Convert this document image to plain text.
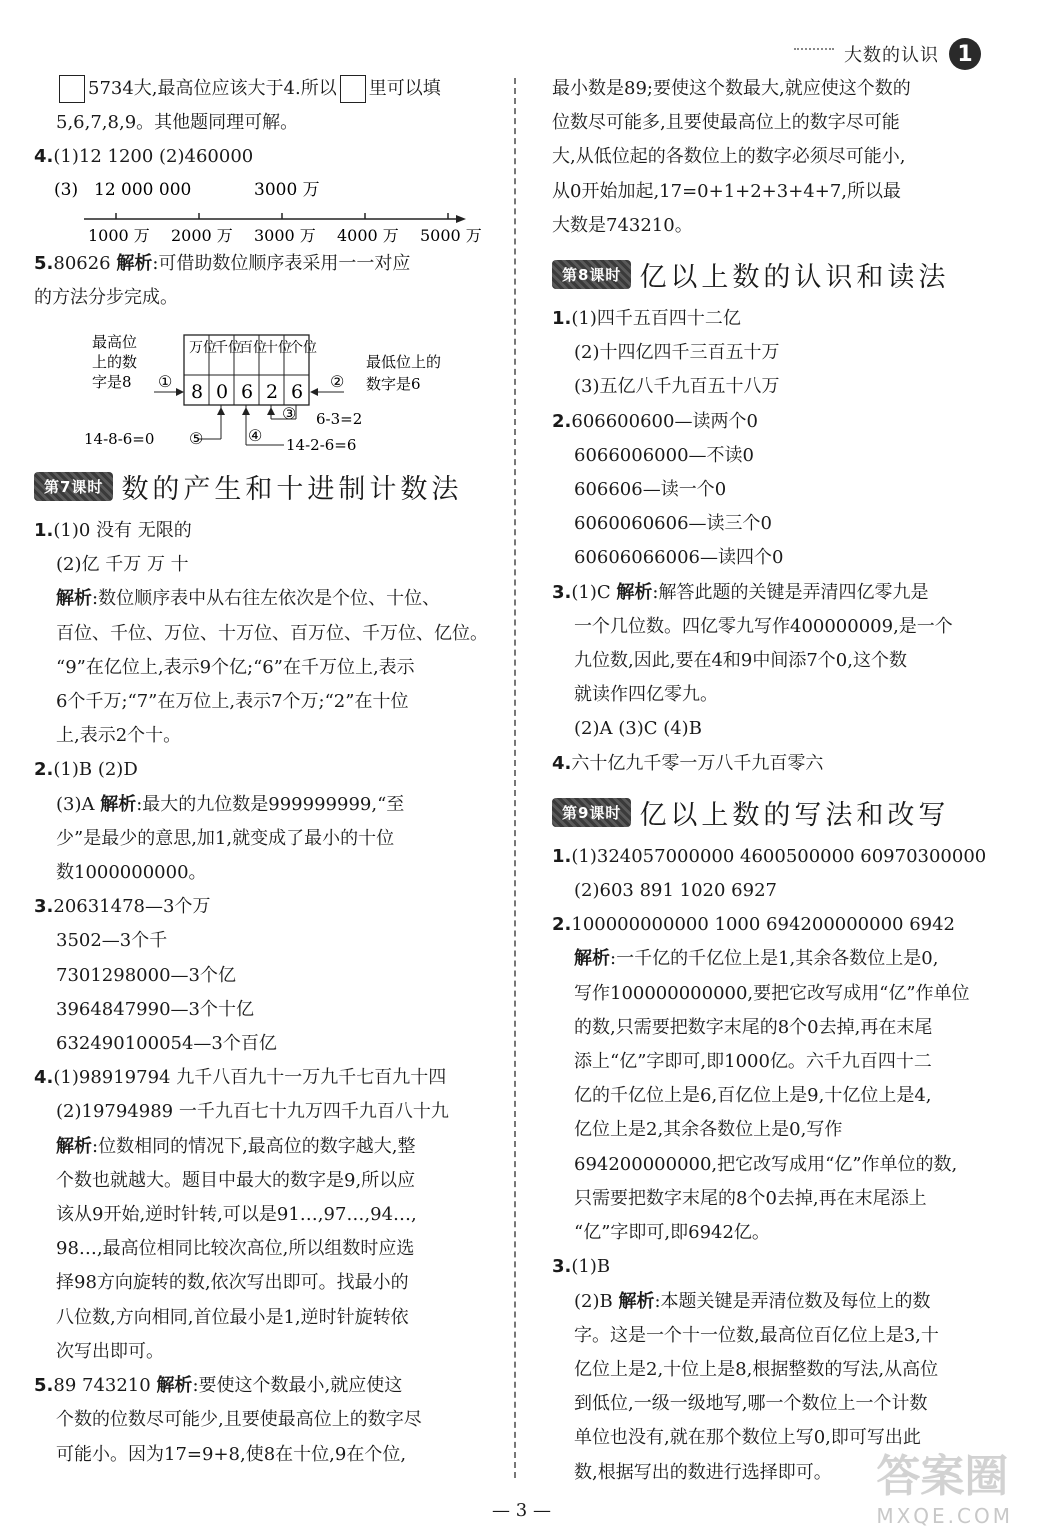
大数的认识 1

5734大,最高位应该大于4.所以 里可以填

5,6,7,8,9。其他题同理可解。

4.(1)12 1200 (2)460000

(3) 12 000 000	3000 万
1000 万 2000 万 3000 万 4000 万 5000 万

5.80626 解析:可借助数位顺序表采用一一对应

的方法分步完成。

最高位
上的数
字是8 ①
万位
千位
百位
十位
个位
8 0 6 2 6 ②
最低位上的
数字是6
③ 6-3=2
④ 14-2-6=6
⑤
14-8-6=0
第7课时 数的产生和十进制计数法

1.(1)0 没有 无限的

(2)亿 千万 万 十

解析:数位顺序表中从右往左依次是个位、十位、

百位、千位、万位、十万位、百万位、千万位、亿位。

“9”在亿位上,表示9个亿;“6”在千万位上,表示

6个千万;“7”在万位上,表示7个万;“2”在十位

上,表示2个十。

2.(1)B (2)D

(3)A 解析:最大的九位数是999999999,“至

少”是最少的意思,加1,就变成了最小的十位

数1000000000。

3.20631478—3个万

3502—3个千

7301298000—3个亿

3964847990—3个十亿

632490100054—3个百亿

4.(1)98919794 九千八百九十一万九千七百九十四

(2)19794989 一千九百七十九万四千九百八十九

解析:位数相同的情况下,最高位的数字越大,整

个数也就越大。题目中最大的数字是9,所以应

该从9开始,逆时针转,可以是91…,97…,94…,

98…,最高位相同比较次高位,所以组数时应选

择98方向旋转的数,依次写出即可。找最小的

八位数,方向相同,首位最小是1,逆时针旋转依

次写出即可。

5.89 743210 解析:要使这个数最小,就应使这

个数的位数尽可能少,且要使最高位上的数字尽

可能小。因为17=9+8,使8在十位,9在个位,

最小数是89;要使这个数最大,就应使这个数的

位数尽可能多,且要使最高位上的数字尽可能

大,从低位起的各数位上的数字必须尽可能小,

从0开始加起,17=0+1+2+3+4+7,所以最

大数是743210。

第8课时 亿以上数的认识和读法

1.(1)四千五百四十二亿

(2)十四亿四千三百五十万

(3)五亿八千九百五十八万

2.606600600—读两个0

6066006000—不读0

606606—读一个0

6060060606—读三个0

60606066006—读四个0

3.(1)C 解析:解答此题的关键是弄清四亿零九是

一个几位数。四亿零九写作400000009,是一个

九位数,因此,要在4和9中间添7个0,这个数

就读作四亿零九。

(2)A (3)C (4)B

4.六十亿九千零一万八千九百零六

第9课时 亿以上数的写法和改写

1.(1)324057000000 4600500000 60970300000

(2)603 891 1020 6927

2.100000000000 1000 694200000000 6942

解析:一千亿的千亿位上是1,其余各数位上是0,

写作100000000000,要把它改写成用“亿”作单位

的数,只需要把数字末尾的8个0去掉,再在末尾

添上“亿”字即可,即1000亿。六千九百四十二

亿的千亿位上是6,百亿位上是9,十亿位上是4,

亿位上是2,其余各数位上是0,写作

694200000000,把它改写成用“亿”作单位的数,

只需要把数字末尾的8个0去掉,再在末尾添上

“亿”字即可,即6942亿。

3.(1)B

(2)B 解析:本题关键是弄清位数及每位上的数

字。这是一个十一位数,最高位百亿位上是3,十

亿位上是2,十位上是8,根据整数的写法,从高位

到低位,一级一级地写,哪一个数位上一个计数

单位也没有,就在那个数位上写0,即可写出此

数,根据写出的数进行选择即可。

— 3 —
答案圈
MXQE.COM
